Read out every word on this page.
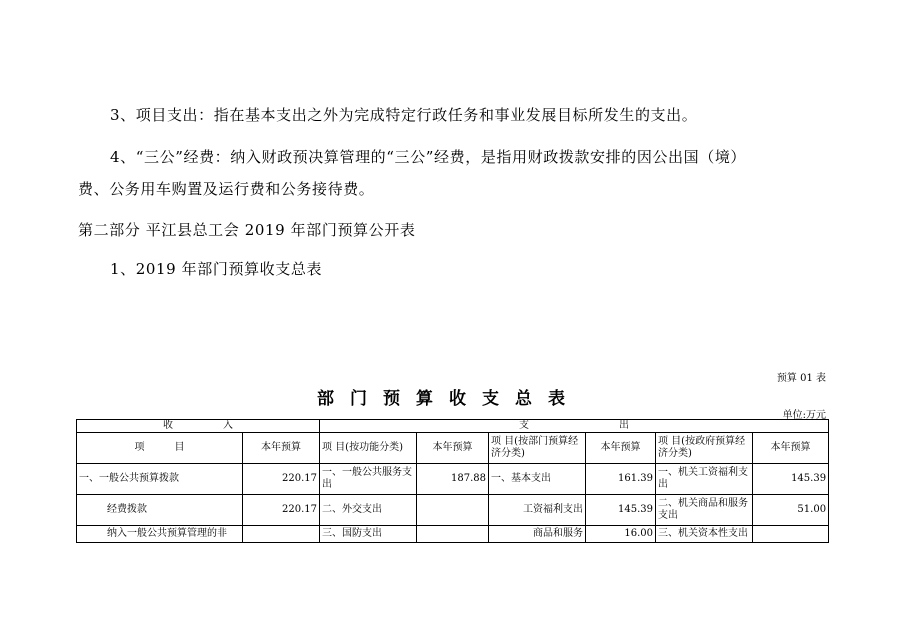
3、项目支出：指在基本支出之外为完成特定行政任务和事业发展目标所发生的支出。
4、“三公”经费：纳入财政预决算管理的“三公”经费，是指用财政拨款安排的因公出国（境）
费、公务用车购置及运行费和公务接待费。
第二部分 平江县总工会 2019 年部门预算公开表
1、2019 年部门预算收支总表
预算 01 表
部门预算收支总表
单位:万元
收　　　　　入		支　　　　　　　　　出					
项　　　目	本年预算	项 目(按功能分类)	本年预算	项 目(按部门预算经济分类)	本年预算	项 目(按政府预算经济分类)	本年预算
一、一般公共预算拨款	220.17	一、一般公共服务支出	187.88	一、基本支出	161.39	一、机关工资福利支出	145.39
经费拨款	220.17	二、外交支出		工资福利支出	145.39	二、机关商品和服务支出	51.00
纳入一般公共预算管理的非		三、国防支出		商品和服务	16.00	三、机关资本性支出	
